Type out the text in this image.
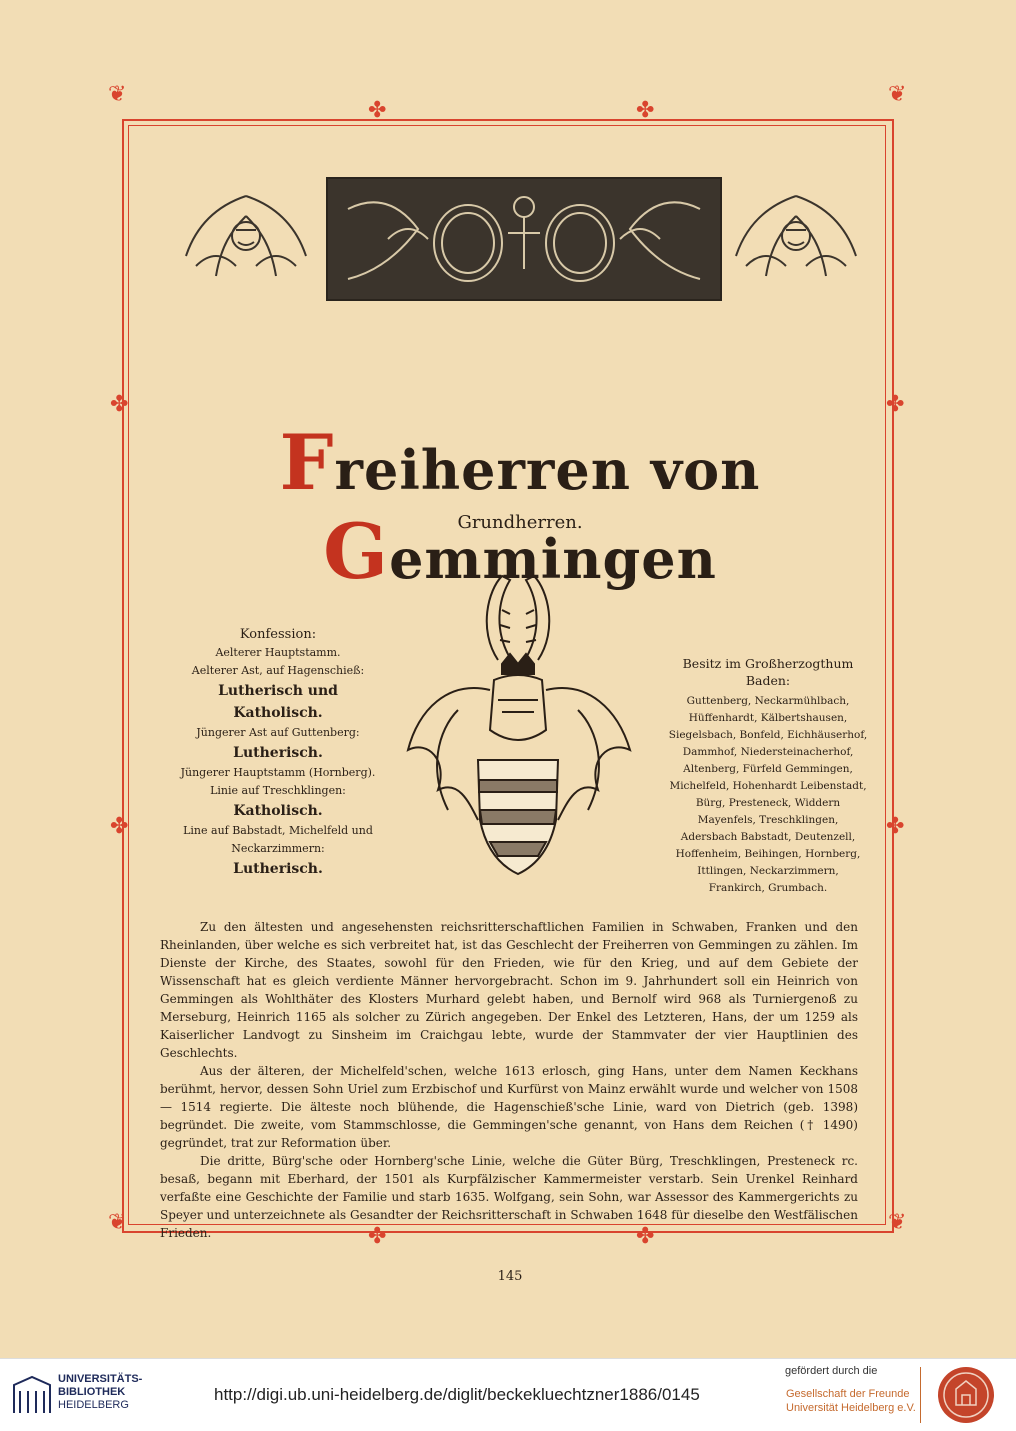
❦	❦
❦	❦
✤	✤
✤	✤
✤	✤
✤	✤
Freiherren von Gemmingen
Grundherren.
Konfession:
Aelterer Hauptstamm.
Aelterer Ast, auf Hagenschieß:
Lutherisch und Katholisch.
Jüngerer Ast auf Guttenberg:
Lutherisch.
Jüngerer Hauptstamm (Hornberg).
Linie auf Treschklingen:
Katholisch.
Line auf Babstadt, Michelfeld und Neckarzimmern:
Lutherisch.
Besitz im Großherzogthum Baden:
Guttenberg, Neckarmühlbach, Hüffenhardt, Kälbertshausen, Siegelsbach, Bonfeld, Eichhäuserhof, Dammhof, Niedersteinacherhof, Altenberg, Fürfeld Gemmingen, Michelfeld, Hohenhardt Leibenstadt, Bürg, Presteneck, Widdern Mayenfels, Treschklingen, Adersbach Babstadt, Deutenzell, Hoffenheim, Beihingen, Hornberg, Ittlingen, Neckarzimmern, Frankirch, Grumbach.

Zu den ältesten und angesehensten reichsritterschaftlichen Familien in Schwaben, Franken und den Rheinlanden, über welche es sich verbreitet hat, ist das Geschlecht der Freiherren von Gemmingen zu zählen. Im Dienste der Kirche, des Staates, sowohl für den Frieden, wie für den Krieg, und auf dem Gebiete der Wissenschaft hat es gleich verdiente Männer hervorgebracht. Schon im 9. Jahrhundert soll ein Heinrich von Gemmingen als Wohlthäter des Klosters Murhard gelebt haben, und Bernolf wird 968 als Turniergenoß zu Merseburg, Heinrich 1165 als solcher zu Zürich angegeben. Der Enkel des Letzteren, Hans, der um 1259 als Kaiserlicher Landvogt zu Sinsheim im Craichgau lebte, wurde der Stammvater der vier Hauptlinien des Geschlechts.

Aus der älteren, der Michelfeld'schen, welche 1613 erlosch, ging Hans, unter dem Namen Keckhans berühmt, hervor, dessen Sohn Uriel zum Erzbischof und Kurfürst von Mainz erwählt wurde und welcher von 1508 — 1514 regierte. Die älteste noch blühende, die Hagenschieß'sche Linie, ward von Dietrich (geb. 1398) begründet. Die zweite, vom Stammschlosse, die Gemmingen'sche genannt, von Hans dem Reichen († 1490) gegründet, trat zur Reformation über.

Die dritte, Bürg'sche oder Hornberg'sche Linie, welche die Güter Bürg, Treschklingen, Presteneck rc. besaß, begann mit Eberhard, der 1501 als Kurpfälzischer Kammermeister verstarb. Sein Urenkel Reinhard verfaßte eine Geschichte der Familie und starb 1635. Wolfgang, sein Sohn, war Assessor des Kammergerichts zu Speyer und unterzeichnete als Gesandter der Reichsritterschaft in Schwaben 1648 für dieselbe den Westfälischen Frieden.

145
UNIVERSITÄTS-
BIBLIOTHEK
HEIDELBERG
http://digi.ub.uni-heidelberg.de/diglit/beckekluechtzner1886/0145
gefördert durch die
Gesellschaft der Freunde
Universität Heidelberg e.V.
